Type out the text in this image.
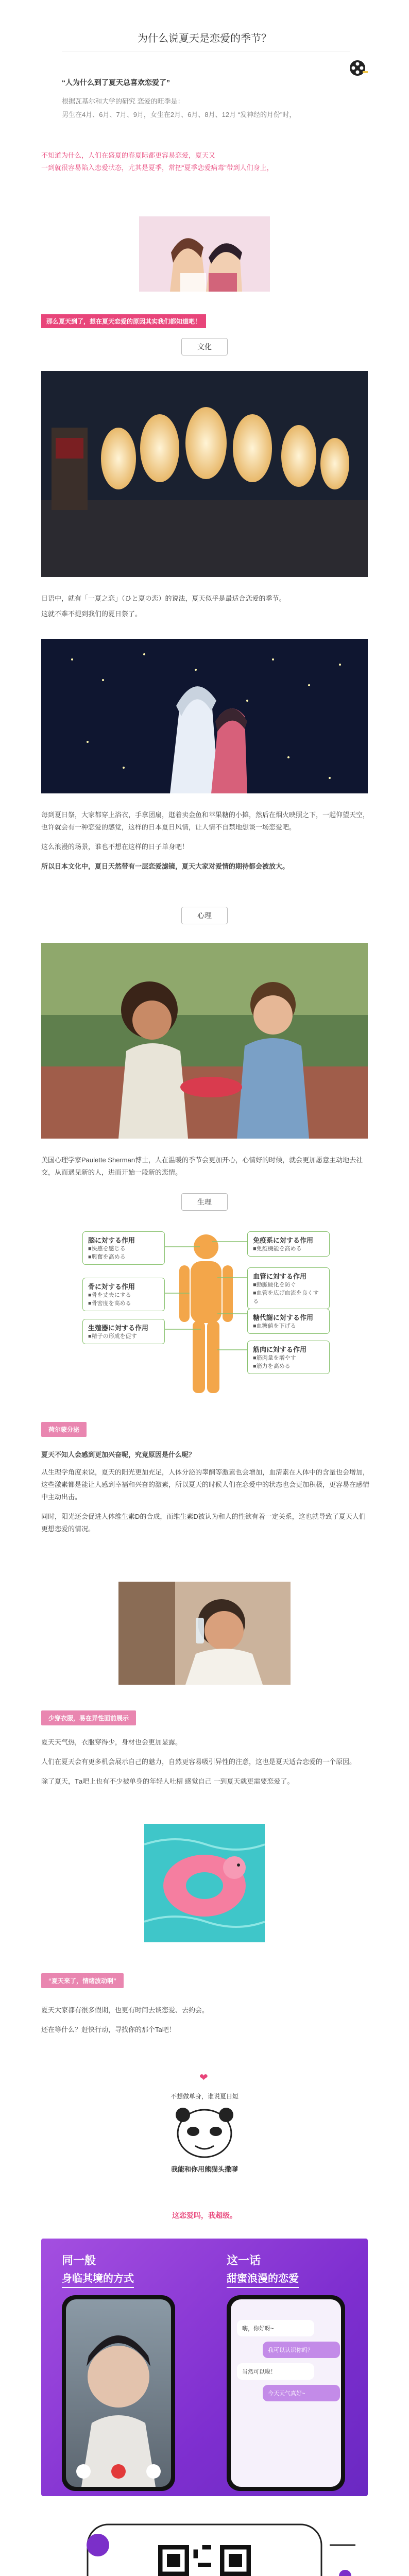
为什么说夏天是恋爱的季节？
“人为什么到了夏天总喜欢恋爱了”
根据瓦基尔和大学的研究 恋爱的旺季是：
男生在4月、6月、7月、9月，女生在2月、6月、8月、12月 “发神经的月份”时，
不知道为什么，人们在盛夏的春夏际都更容易恋爱，夏天又
一到就很容易陷入恋爱状态，尤其是夏季，常把“夏季恋爱病毒”带到人们身上，
那么夏天到了，想在夏天恋爱的原因其实我们都知道吧！
文化
日语中，就有「一夏之恋」（ひと夏の恋）的说法，夏天似乎是最适合恋爱的季节。
这就不难不提到我们的夏日祭了。
每到夏日祭，大家都穿上浴衣，手拿团扇，逛着卖金鱼和苹果糖的小摊，然后在烟火映照之下，一起仰望天空，也许就会有一种恋爱的感觉，这样的日本夏日风情，让人情不自禁地想谈一场恋爱吧。
这么浪漫的场景，谁也不想在这样的日子单身吧！
所以日本文化中，夏日天然带有一层恋爱滤镜，夏天大家对爱情的期待都会被放大。
心理
美国心理学家Paulette Sherman博士，人在温暖的季节会更加开心，心情好的时候，就会更加愿意主动地去社交，从而遇见新的人，进而开始一段新的恋情。
生理
脳に対する作用
■快感を感じる
■興奮を高める
骨に対する作用
■骨を丈夫にする
■骨密度を高める
生殖器に対する作用
■精子の形成を促す
免疫系に対する作用
■免疫機能を高める
血管に対する作用
■動脈硬化を防ぐ
■血管を広げ血流を良くする
糖代謝に対する作用
■血糖値を下げる
筋肉に対する作用
■筋肉量を増やす
■筋力を高める
荷尔蒙分泌
夏天不知人会感到更加兴奋呢，究竟原因是什么呢？
从生理学角度来说，夏天的阳光更加充足，人体分泌的睾酮等激素也会增加，血清素在人体中的含量也会增加，这些激素都是能让人感到幸福和兴奋的激素，所以夏天的时候人们在恋爱中的状态也会更加积极，更容易在感情中主动出击。
同时，阳光还会促进人体维生素D的合成，而维生素D被认为和人的性欲有着一定关系，这也就导致了夏天人们更想恋爱的情况。
少穿衣服，易在异性面前展示
夏天天气热，衣服穿得少，身材也会更加显露。
人们在夏天会有更多机会展示自己的魅力，自然更容易吸引异性的注意，这也是夏天适合恋爱的一个原因。
除了夏天，Tа吧上也有不少被单身的年轻人吐槽 感觉自己 一到夏天就更需要恋爱了。
“夏天来了，情绪波动啊”
夏天大家都有很多假期，也更有时间去谈恋爱、去约会。
还在等什么？赶快行动，寻找你的那个Ta吧！
❤
不想做单身，谁说夏日短
我能和你用熊猫头撒嗲
这恋爱吗，我超级。
同一般
身临其境的方式
这一话
甜蜜浪漫的恋爱
嗨，你好呀~
我可以认识你吗？
当然可以啦！
今天天气真好~
